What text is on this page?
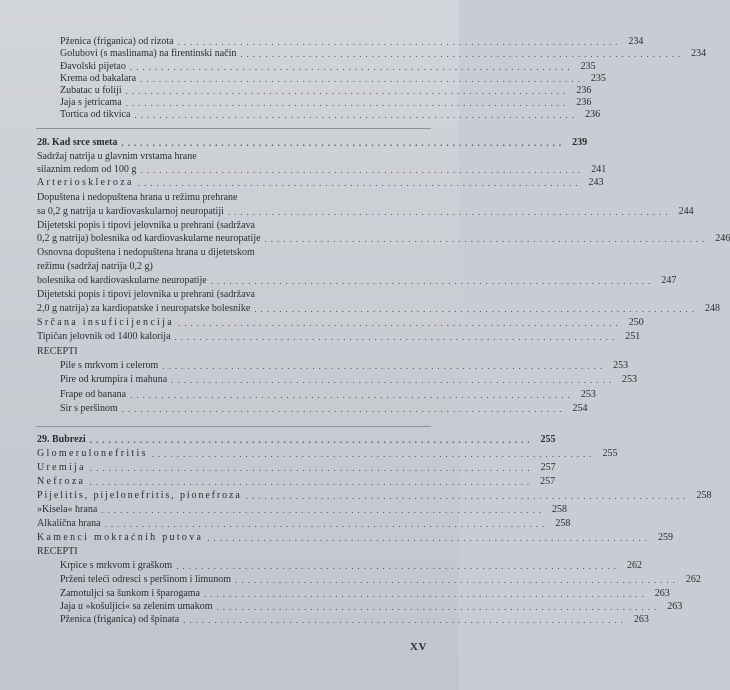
Pženica (friganica) od rizota ....................................................................... 234
Golubovi (s maslinama) na firentinski način ....................................................................... 234
Đavolski pijetao ....................................................................... 235
Krema od bakalara ....................................................................... 235
Zubatac u foliji ....................................................................... 236
Jaja s jetricama ....................................................................... 236
Tortica od tikvica ....................................................................... 236
28. Kad srce smeta ....................................................................... 239
Sadržaj natrija u glavnim vrstama hrane
silaznim redom od 100 g ....................................................................... 241
Arterioskleroza ....................................................................... 243
Dopuštena i nedopuštena hrana u režimu prehrane
sa 0,2 g natrija u kardiovaskularnoj neuropatiji ....................................................................... 244
Dijetetski popis i tipovi jelovnika u prehrani (sadržava
0,2 g natrija) bolesnika od kardiovaskularne neuropatije ....................................................................... 246
Osnovna dopuštena i nedopuštena hrana u dijetetskom
režimu (sadržaj natrija 0,2 g)
bolesnika od kardiovaskularne neuropatije ....................................................................... 247
Dijetetski popis i tipovi jelovnika u prehrani (sadržava
2,0 g natrija) za kardiopatske i neuropatske bolesnike ....................................................................... 248
Srčana insuficijencija ....................................................................... 250
Tipičan jelovnik od 1400 kalorija ....................................................................... 251
RECEPTI
Pile s mrkvom i celerom ....................................................................... 253
Pire od krumpira i mahuna ....................................................................... 253
Frape od banana ....................................................................... 253
Sir s peršinom ....................................................................... 254
29. Bubrezi ....................................................................... 255
Glomerulonefritis ....................................................................... 255
Uremija ....................................................................... 257
Nefroza ....................................................................... 257
Pijelitis, pijelonefritis, pionefroza ....................................................................... 258
»Kisela« hrana ....................................................................... 258
Alkalična hrana ....................................................................... 258
Kamenci mokraćnih putova ....................................................................... 259
RECEPTI
Krpice s mrkvom i graškom ....................................................................... 262
Prženi teleći odresci s peršinom i limunom ....................................................................... 262
Zamotuljci sa šunkom i šparogama ....................................................................... 263
Jaja u »košuljici« sa zelenim umakom ....................................................................... 263
Pženica (friganica) od špinata ....................................................................... 263
XV
